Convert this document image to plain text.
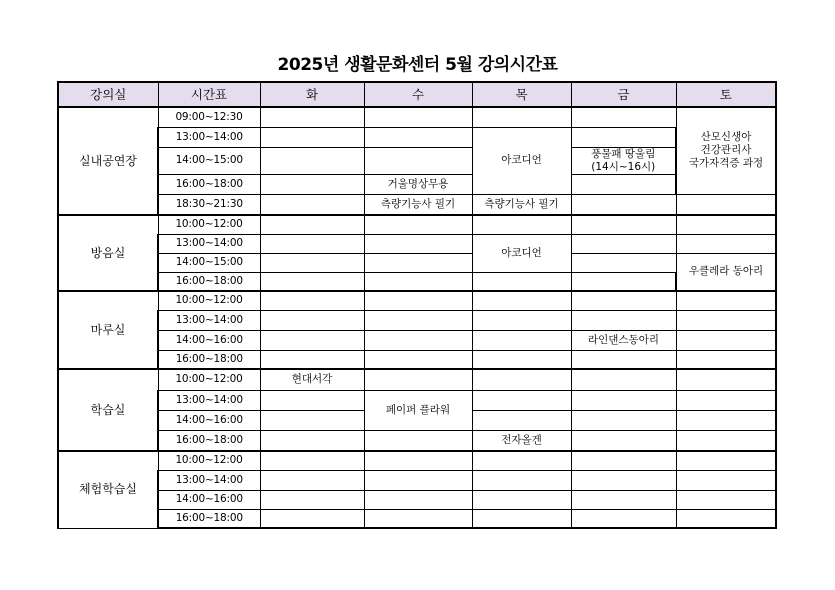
2025년 생활문화센터 5월 강의시간표
강의실	시간표	화	수	목	금	토
실내공연장	09:00~12:30					산모신생아
건강관리사
국가자격증 과정

	13:00~14:00			아코디언		

	14:00~15:00				풍물패 땅울림
(14시~16시)	

	16:00~18:00		거울명상무용			

	18:30~21:30		측량기능사 필기	측량기능사 필기		

방음실	10:00~12:00					
	13:00~14:00			아코디언		

	14:00~15:00					우클레라 동아리

	16:00~18:00					
마루실	10:00~12:00					
	13:00~14:00					
	14:00~16:00				라인댄스동아리	

	16:00~18:00					
학습실	10:00~12:00	현대서각				

	13:00~14:00		페이퍼 플라워			

	14:00~16:00					
	16:00~18:00			전자올겐		

체험학습실	10:00~12:00					
	13:00~14:00					
	14:00~16:00					
	16:00~18:00					
